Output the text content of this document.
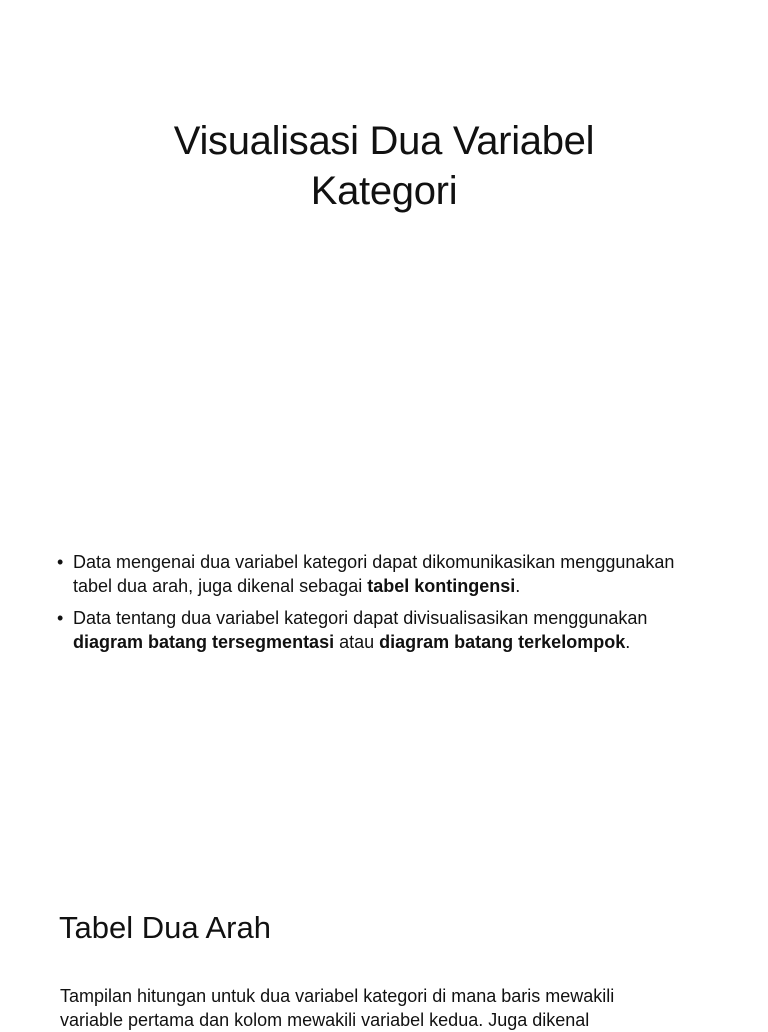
Visualisasi Dua Variabel
Kategori
• Data mengenai dua variabel kategori dapat dikomunikasikan menggunakan tabel dua arah, juga dikenal sebagai tabel kontingensi.
• Data tentang dua variabel kategori dapat divisualisasikan menggunakan diagram batang tersegmentasi atau diagram batang terkelompok.
Tabel Dua Arah

Tampilan hitungan untuk dua variabel kategori di mana baris mewakili
variable pertama dan kolom mewakili variabel kedua. Juga dikenal
